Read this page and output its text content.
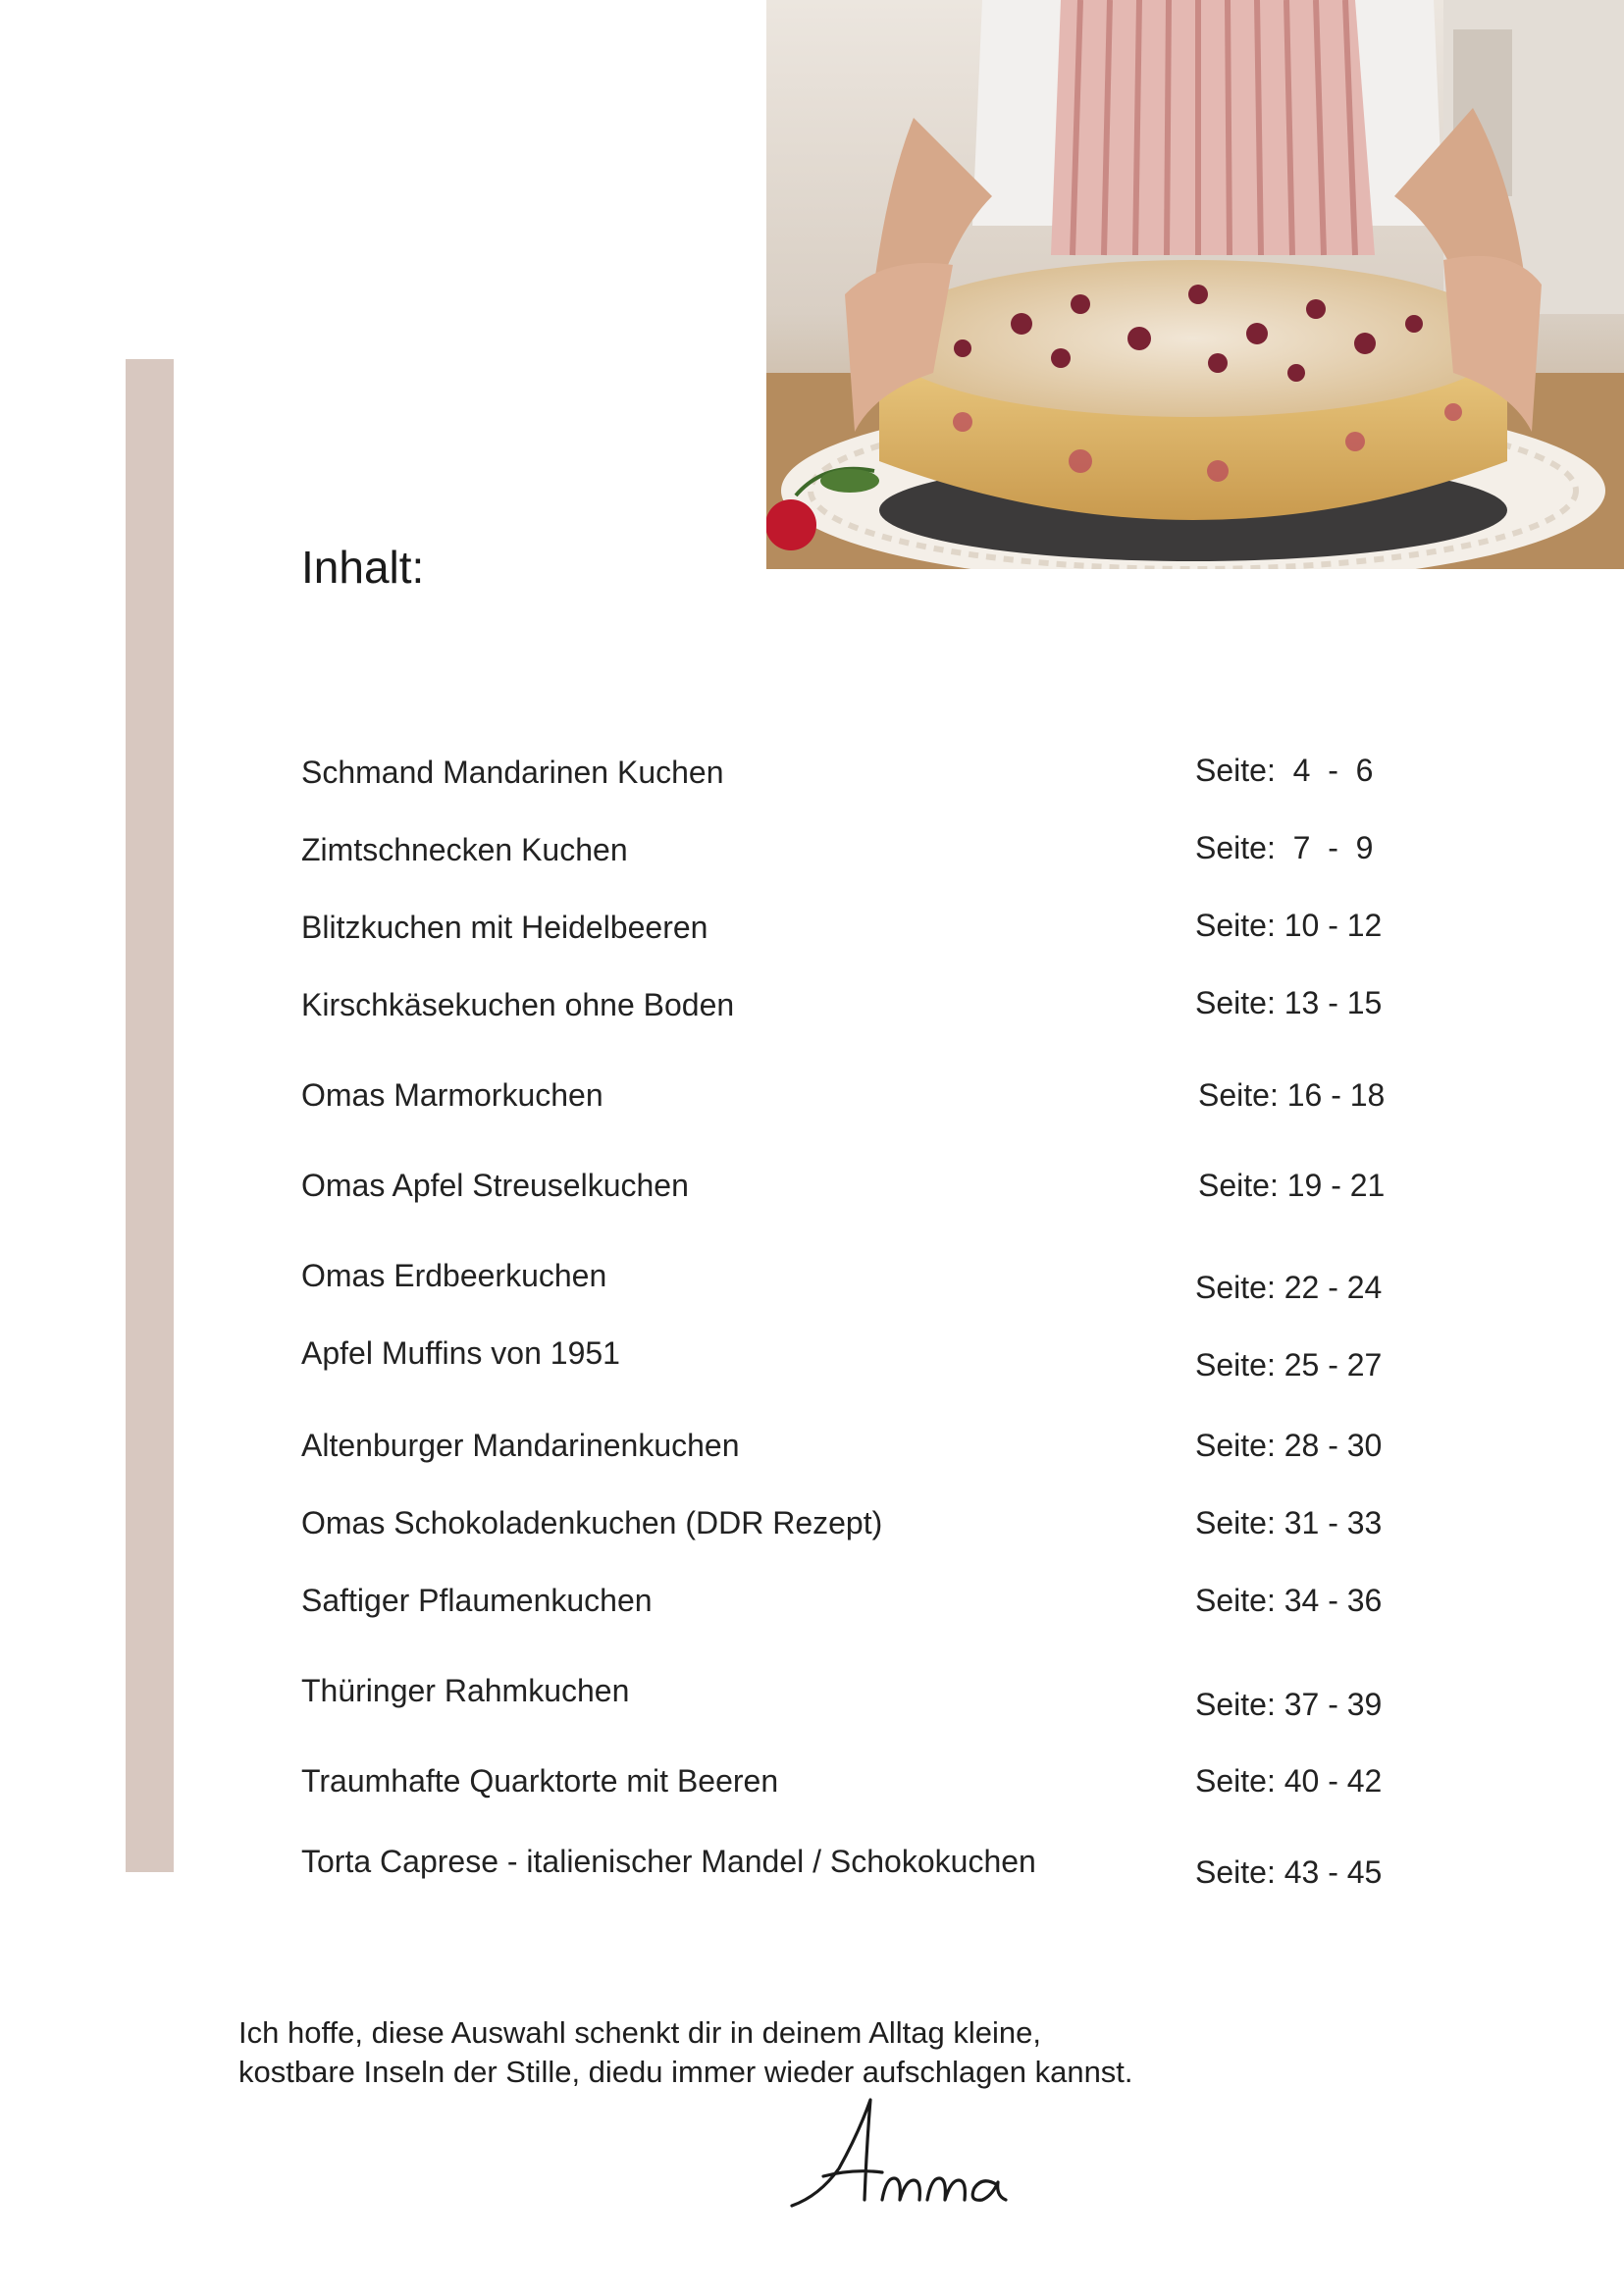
Inhalt:
Schmand Mandarinen Kuchen	Seite:  4  -  6
Zimtschnecken Kuchen	Seite:  7  -  9
Blitzkuchen mit Heidelbeeren	Seite: 10 - 12
Kirschkäsekuchen ohne Boden	Seite: 13 - 15
Omas Marmorkuchen	Seite: 16 - 18
Omas Apfel Streuselkuchen	Seite: 19 - 21
Omas Erdbeerkuchen	Seite: 22 - 24
Apfel Muffins von 1951	Seite: 25 - 27
Altenburger Mandarinenkuchen	Seite: 28 - 30
Omas Schokoladenkuchen (DDR Rezept)	Seite: 31 - 33
Saftiger Pflaumenkuchen	Seite: 34 - 36
Thüringer Rahmkuchen	Seite: 37 - 39
Traumhafte Quarktorte mit Beeren	Seite: 40 - 42
Torta Caprese - italienischer Mandel / Schokokuchen	Seite: 43 - 45
Ich hoffe, diese Auswahl schenkt dir in deinem Alltag kleine,
kostbare Inseln der Stille, diedu immer wieder aufschlagen kannst.
